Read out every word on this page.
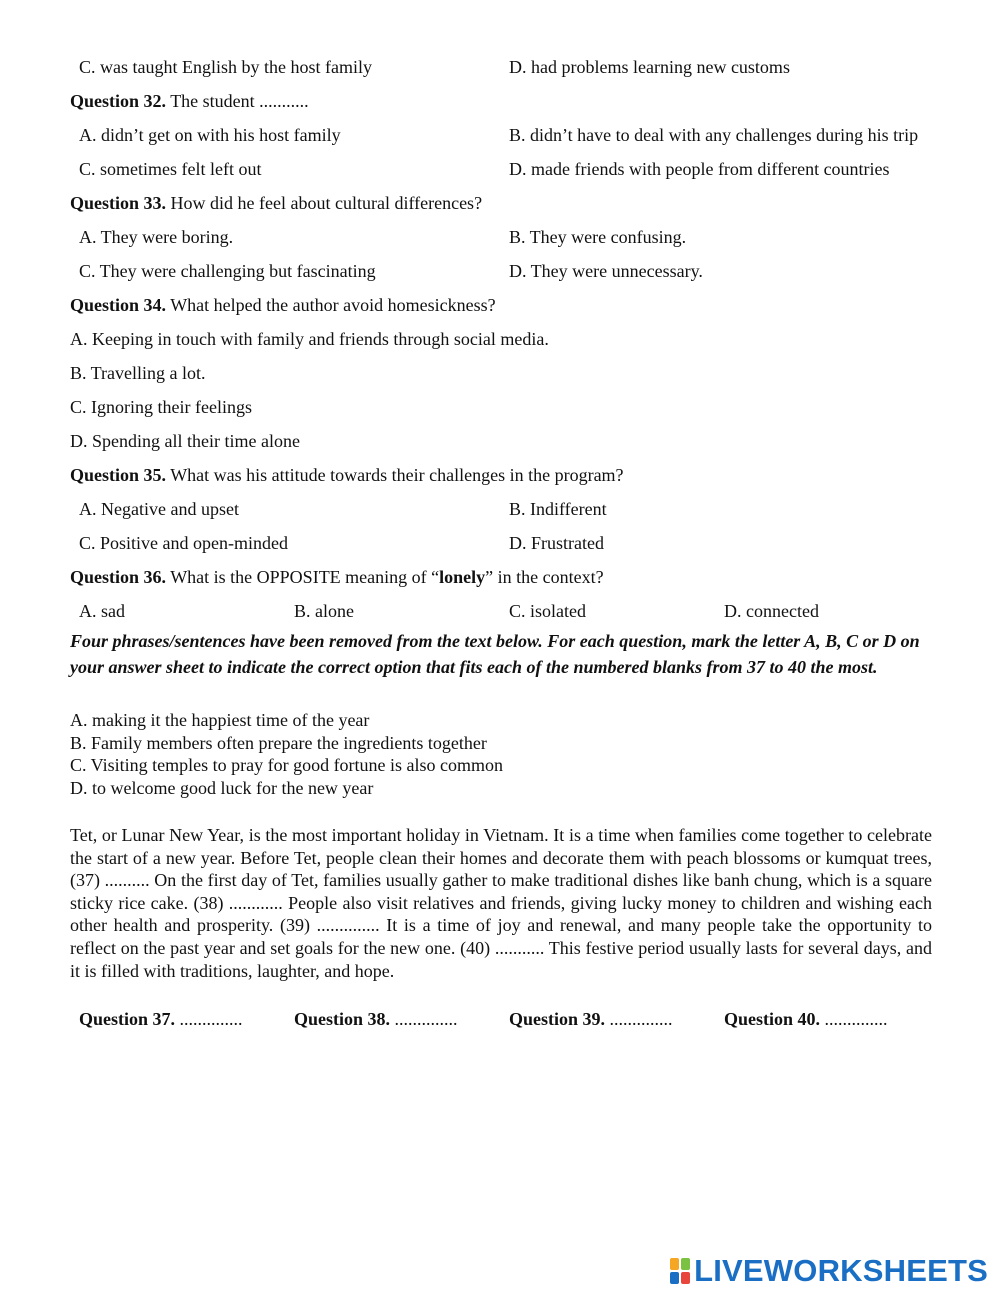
C. was taught English by the host family	D. had problems learning new customs
Question 32. The student ...........
A. didn’t get on with his host family	B. didn’t have to deal with any challenges during his trip
C. sometimes felt left out	D. made friends with people from different countries
Question 33. How did he feel about cultural differences?
A. They were boring.	B. They were confusing.
C. They were challenging but fascinating	D. They were unnecessary.
Question 34. What helped the author avoid homesickness?
A. Keeping in touch with family and friends through social media.
B. Travelling a lot.
C. Ignoring their feelings
D. Spending all their time alone
Question 35. What was his attitude towards their challenges in the program?
A. Negative and upset	B. Indifferent
C. Positive and open-minded	D. Frustrated
Question 36. What is the OPPOSITE meaning of “lonely” in the context?
A. sad	B. alone	C. isolated	D. connected
Four phrases/sentences have been removed from the text below. For each question, mark the letter A, B, C or D on your answer sheet to indicate the correct option that fits each of the numbered blanks from 37 to 40 the most.
A. making it the happiest time of the year
B. Family members often prepare the ingredients together
C. Visiting temples to pray for good fortune is also common
D. to welcome good luck for the new year
Tet, or Lunar New Year, is the most important holiday in Vietnam. It is a time when families come together to celebrate the start of a new year. Before Tet, people clean their homes and decorate them with peach blossoms or kumquat trees, (37) .......... On the first day of Tet, families usually gather to make traditional dishes like banh chung, which is a square sticky rice cake. (38) ............ People also visit relatives and friends, giving lucky money to children and wishing each other health and prosperity. (39) .............. It is a time of joy and renewal, and many people take the opportunity to reflect on the past year and set goals for the new one. (40) ........... This festive period usually lasts for several days, and it is filled with traditions, laughter, and hope.
Question 37. ..............	Question 38. ..............	Question 39. ..............	Question 40. ..............
LIVEWORKSHEETS
